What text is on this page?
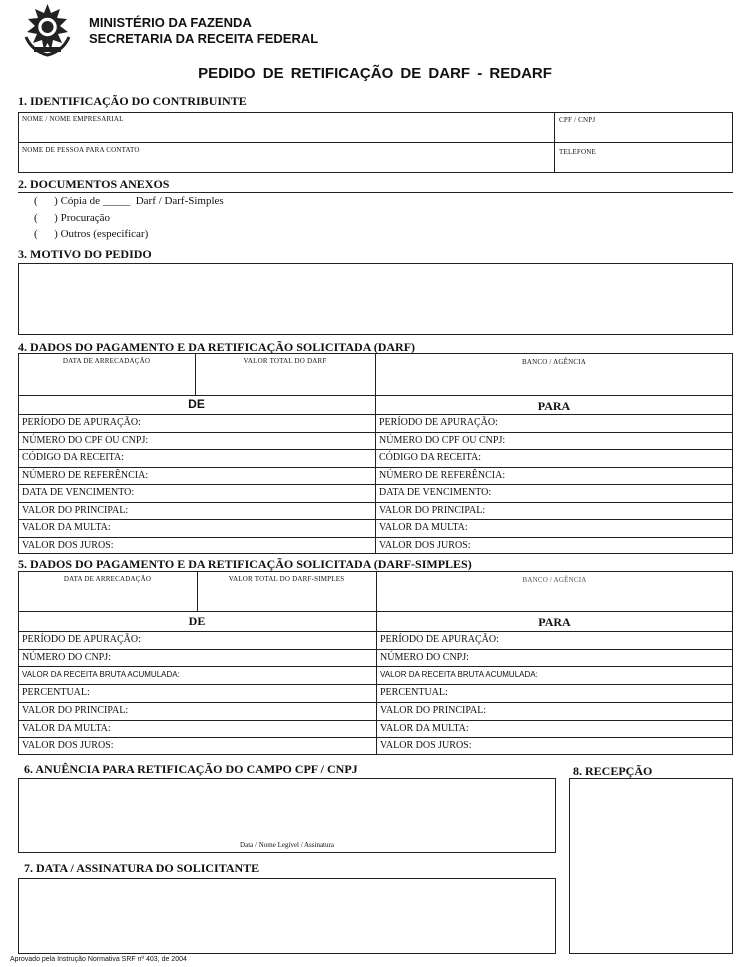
MINISTÉRIO DA FAZENDA
SECRETARIA DA RECEITA FEDERAL
PEDIDO DE RETIFICAÇÃO DE DARF - REDARF
1. IDENTIFICAÇÃO DO CONTRIBUINTE
NOME / NOME EMPRESARIAL	CPF / CNPJ
NOME DE PESSOA PARA CONTATO	TELEFONE
2. DOCUMENTOS ANEXOS
(      ) Cópia de _____  Darf / Darf-Simples
(      ) Procuração
(      ) Outros (especificar)
3. MOTIVO DO PEDIDO
4. DADOS DO PAGAMENTO E DA RETIFICAÇÃO SOLICITADA (DARF)
DATA DE ARRECADAÇÃO	VALOR TOTAL DO DARF	BANCO / AGÊNCIA
DE	PARA
PERÍODO DE APURAÇÃO:	PERÍODO DE APURAÇÃO:
NÚMERO DO CPF OU CNPJ:	NÚMERO DO CPF OU CNPJ:
CÓDIGO DA RECEITA:	CÓDIGO DA RECEITA:
NÚMERO DE REFERÊNCIA:	NÚMERO DE REFERÊNCIA:
DATA DE VENCIMENTO:	DATA DE VENCIMENTO:
VALOR DO PRINCIPAL:	VALOR DO PRINCIPAL:
VALOR DA MULTA:	VALOR DA MULTA:
VALOR DOS JUROS:	VALOR DOS JUROS:
5. DADOS DO PAGAMENTO E DA RETIFICAÇÃO SOLICITADA (DARF-SIMPLES)
DATA DE ARRECADAÇÃO	VALOR TOTAL DO DARF-SIMPLES	BANCO / AGÊNCIA
DE	PARA
PERÍODO DE APURAÇÃO:	PERÍODO DE APURAÇÃO:
NÚMERO DO CNPJ:	NÚMERO DO CNPJ:
VALOR DA RECEITA BRUTA ACUMULADA:	VALOR DA RECEITA BRUTA ACUMULADA:
PERCENTUAL:	PERCENTUAL:
VALOR DO PRINCIPAL:	VALOR DO PRINCIPAL:
VALOR DA MULTA:	VALOR DA MULTA:
VALOR DOS JUROS:	VALOR DOS JUROS:
6. ANUÊNCIA PARA RETIFICAÇÃO DO CAMPO CPF / CNPJ
Data / Nome Legível / Assinatura
7. DATA / ASSINATURA DO SOLICITANTE
8. RECEPÇÃO
Aprovado pela Instrução Normativa SRF nº 403, de 2004
